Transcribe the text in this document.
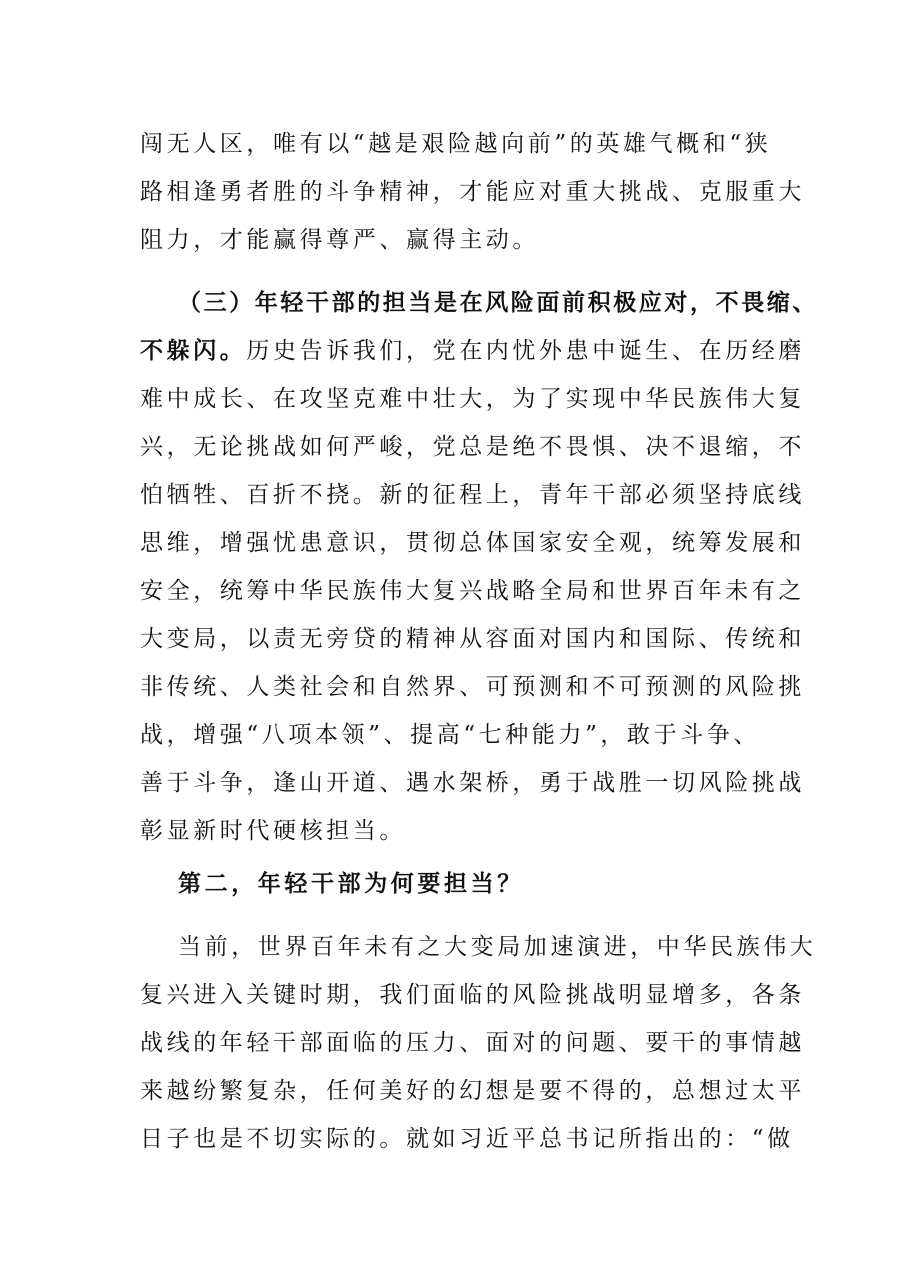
闯无人区，唯有以“越是艰险越向前”的英雄气概和“狭
路相逢勇者胜的斗争精神，才能应对重大挑战、克服重大
阻力，才能赢得尊严、赢得主动。
（三）年轻干部的担当是在风险面前积极应对，不畏缩、
不躲闪。历史告诉我们，党在内忧外患中诞生、在历经磨
难中成长、在攻坚克难中壮大，为了实现中华民族伟大复
兴，无论挑战如何严峻，党总是绝不畏惧、决不退缩，不
怕牺牲、百折不挠。新的征程上，青年干部必须坚持底线
思维，增强忧患意识，贯彻总体国家安全观，统筹发展和
安全，统筹中华民族伟大复兴战略全局和世界百年未有之
大变局，以责无旁贷的精神从容面对国内和国际、传统和
非传统、人类社会和自然界、可预测和不可预测的风险挑
战，增强“八项本领”、提高“七种能力”，敢于斗争、
善于斗争，逢山开道、遇水架桥，勇于战胜一切风险挑战
彰显新时代硬核担当。
第二，年轻干部为何要担当？
当前，世界百年未有之大变局加速演进，中华民族伟大
复兴进入关键时期，我们面临的风险挑战明显增多，各条
战线的年轻干部面临的压力、面对的问题、要干的事情越
来越纷繁复杂，任何美好的幻想是要不得的，总想过太平
日子也是不切实际的。就如习近平总书记所指出的：“做
